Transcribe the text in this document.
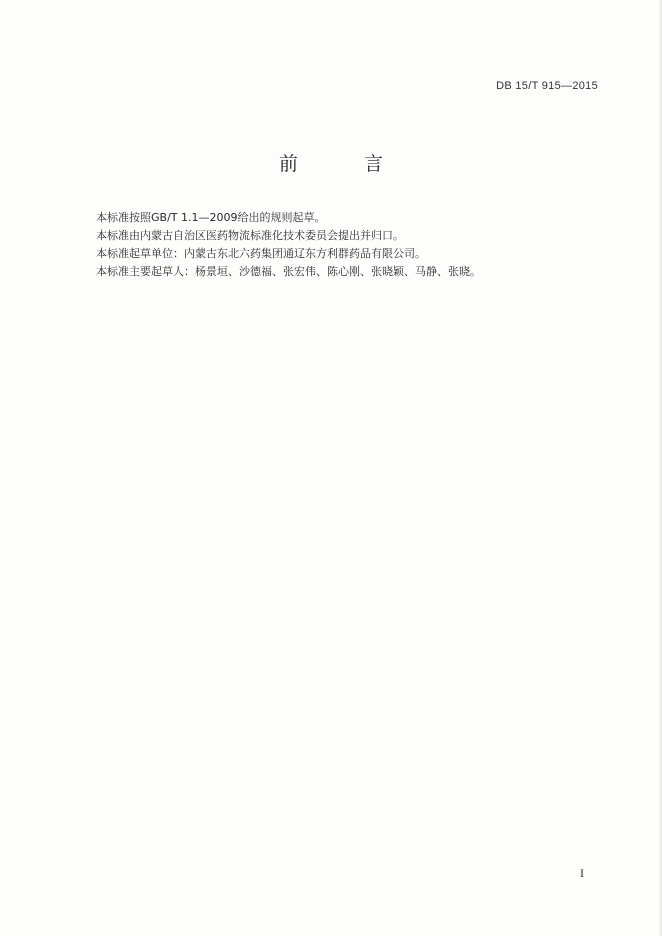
DB 15/T 915—2015
前 言
本标准按照GB/T 1.1—2009给出的规则起草。
本标准由内蒙古自治区医药物流标准化技术委员会提出并归口。
本标准起草单位：内蒙古东北六药集团通辽东方利群药品有限公司。
本标准主要起草人：杨景垣、沙德福、张宏伟、陈心刚、张晓颖、马静、张晓。
I
